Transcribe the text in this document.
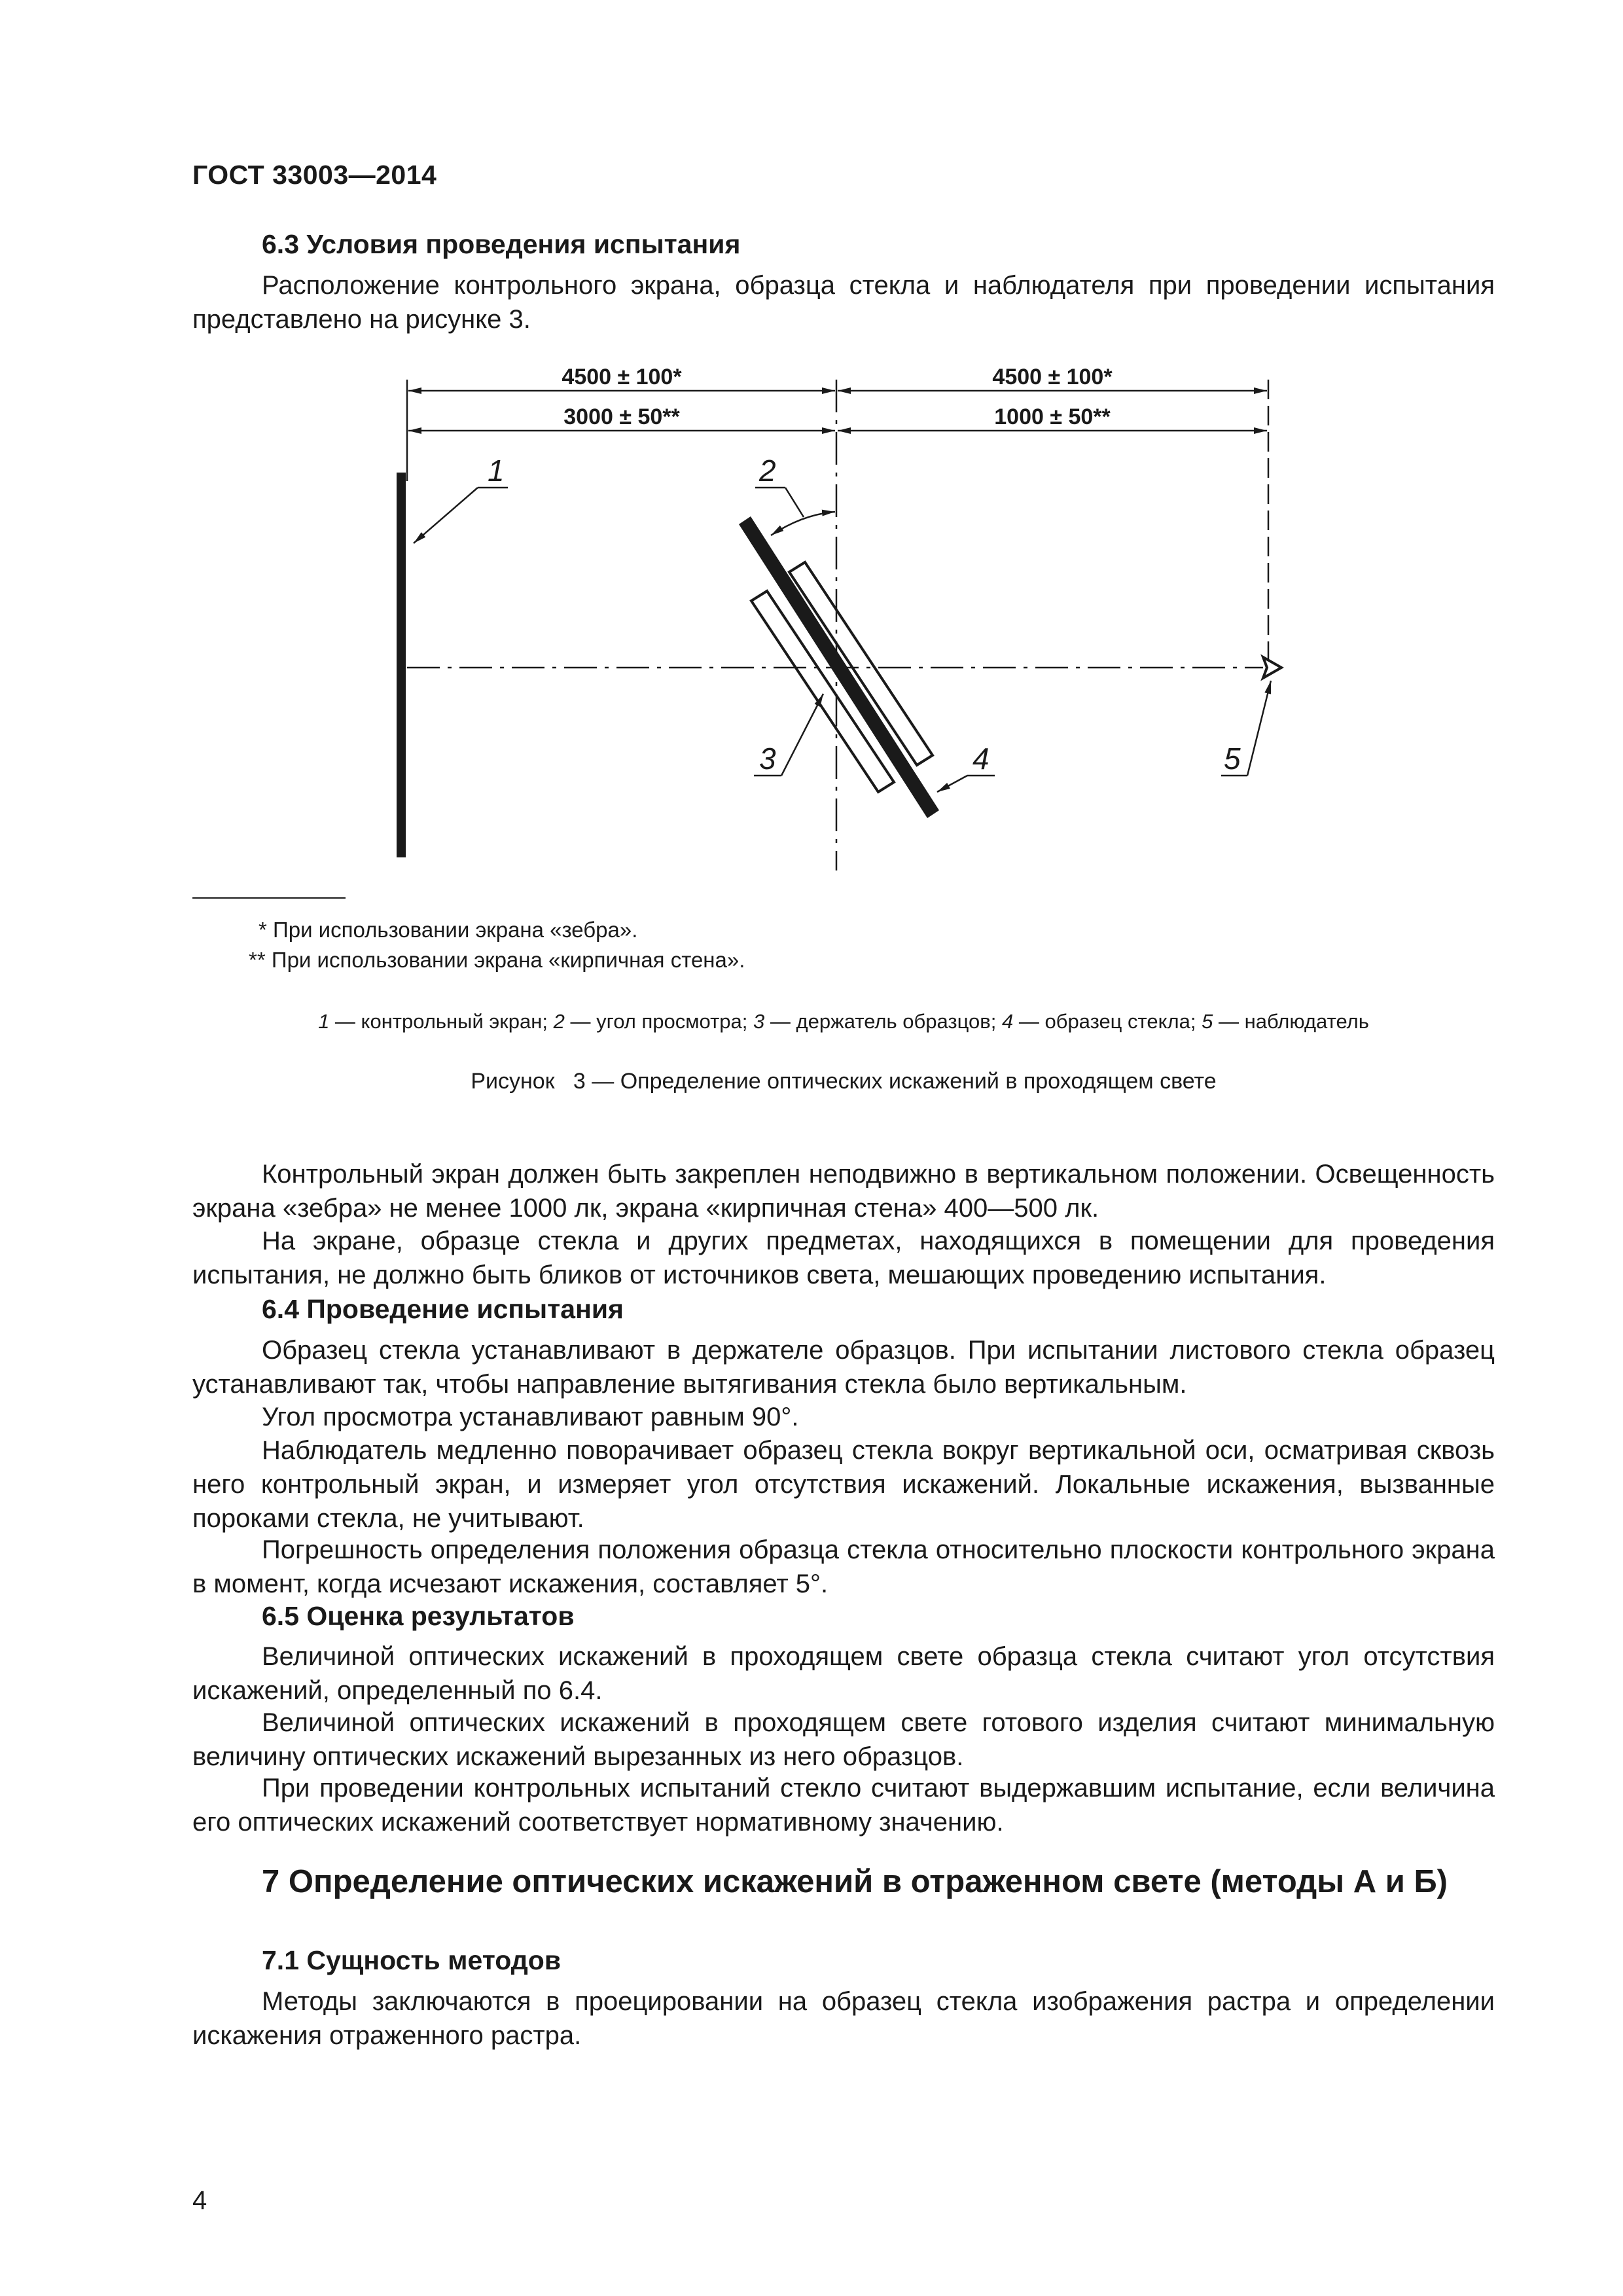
ГОСТ 33003—2014
6.3 Условия проведения испытания

Расположение контрольного экрана, образца стекла и наблюдателя при проведении испытания представлено на рисунке 3.

4500 ± 100*	4500 ± 100*
3000 ± 50**	1000 ± 50**
1	2
3	4	5
* При использовании экрана «зебра».
** При использовании экрана «кирпичная стена».
1 — контрольный экран; 2 — угол просмотра; 3 — держатель образцов; 4 — образец стекла; 5 — наблюдатель
Рисунок   3 — Определение оптических искажений в проходящем свете

Контрольный экран должен быть закреплен неподвижно в вертикальном положении. Освещенность экрана «зебра» не менее 1000 лк, экрана «кирпичная стена» 400—500 лк.

На экране, образце стекла и других предметах, находящихся в помещении для проведения испытания, не должно быть бликов от источников света, мешающих проведению испытания.

6.4 Проведение испытания

Образец стекла устанавливают в держателе образцов. При испытании листового стекла образец устанавливают так, чтобы направление вытягивания стекла было вертикальным.

Угол просмотра устанавливают равным 90°.

Наблюдатель медленно поворачивает образец стекла вокруг вертикальной оси, осматривая сквозь него контрольный экран, и измеряет угол отсутствия искажений. Локальные искажения, вызванные пороками стекла, не учитывают.

Погрешность определения положения образца стекла относительно плоскости контрольного экрана в момент, когда исчезают искажения, составляет 5°.

6.5 Оценка результатов

Величиной оптических искажений в проходящем свете образца стекла считают угол отсутствия искажений, определенный по 6.4.

Величиной оптических искажений в проходящем свете готового изделия считают минимальную величину оптических искажений вырезанных из него образцов.

При проведении контрольных испытаний стекло считают выдержавшим испытание, если величина его оптических искажений соответствует нормативному значению.

7 Определение оптических искажений в отраженном свете (методы А и Б)
7.1 Сущность методов

Методы заключаются в проецировании на образец стекла изображения растра и определении искажения отраженного растра.

4
